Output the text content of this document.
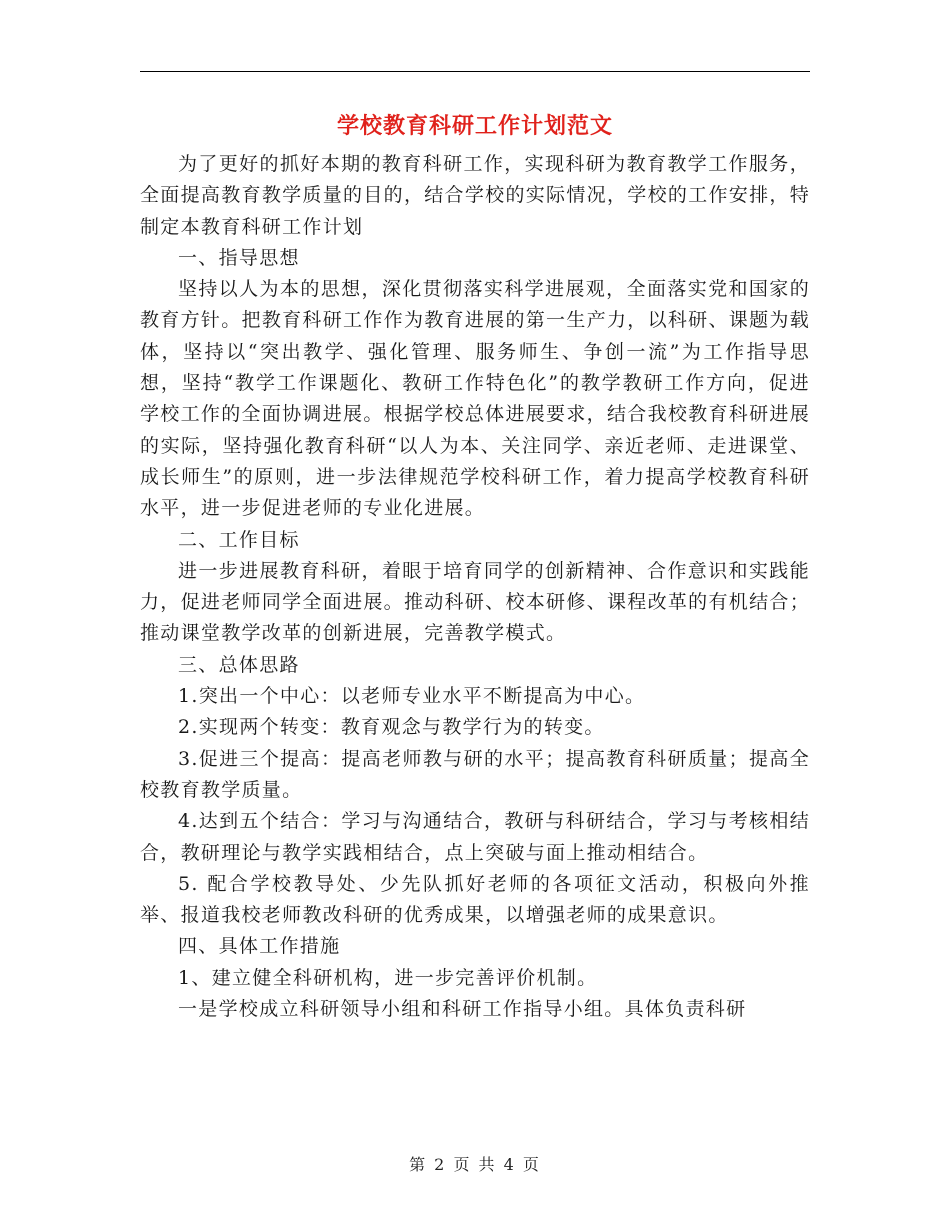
学校教育科研工作计划范文

为了更好的抓好本期的教育科研工作，实现科研为教育教学工作服务，全面提高教育教学质量的目的，结合学校的实际情况，学校的工作安排，特制定本教育科研工作计划

一、指导思想

坚持以人为本的思想，深化贯彻落实科学进展观，全面落实党和国家的教育方针。把教育科研工作作为教育进展的第一生产力，以科研、课题为载体，坚持以“突出教学、强化管理、服务师生、争创一流”为工作指导思想，坚持“教学工作课题化、教研工作特色化”的教学教研工作方向，促进学校工作的全面协调进展。根据学校总体进展要求，结合我校教育科研进展的实际，坚持强化教育科研“以人为本、关注同学、亲近老师、走进课堂、成长师生”的原则，进一步法律规范学校科研工作，着力提高学校教育科研水平，进一步促进老师的专业化进展。

二、工作目标

进一步进展教育科研，着眼于培育同学的创新精神、合作意识和实践能力，促进老师同学全面进展。推动科研、校本研修、课程改革的有机结合；推动课堂教学改革的创新进展，完善教学模式。

三、总体思路

1.突出一个中心：以老师专业水平不断提高为中心。

2.实现两个转变：教育观念与教学行为的转变。

3.促进三个提高：提高老师教与研的水平；提高教育科研质量；提高全校教育教学质量。

4.达到五个结合：学习与沟通结合，教研与科研结合，学习与考核相结合，教研理论与教学实践相结合，点上突破与面上推动相结合。

5. 配合学校教导处、少先队抓好老师的各项征文活动，积极向外推举、报道我校老师教改科研的优秀成果，以增强老师的成果意识。

四、具体工作措施

1、建立健全科研机构，进一步完善评价机制。

一是学校成立科研领导小组和科研工作指导小组。具体负责科研

第 2 页 共 4 页
